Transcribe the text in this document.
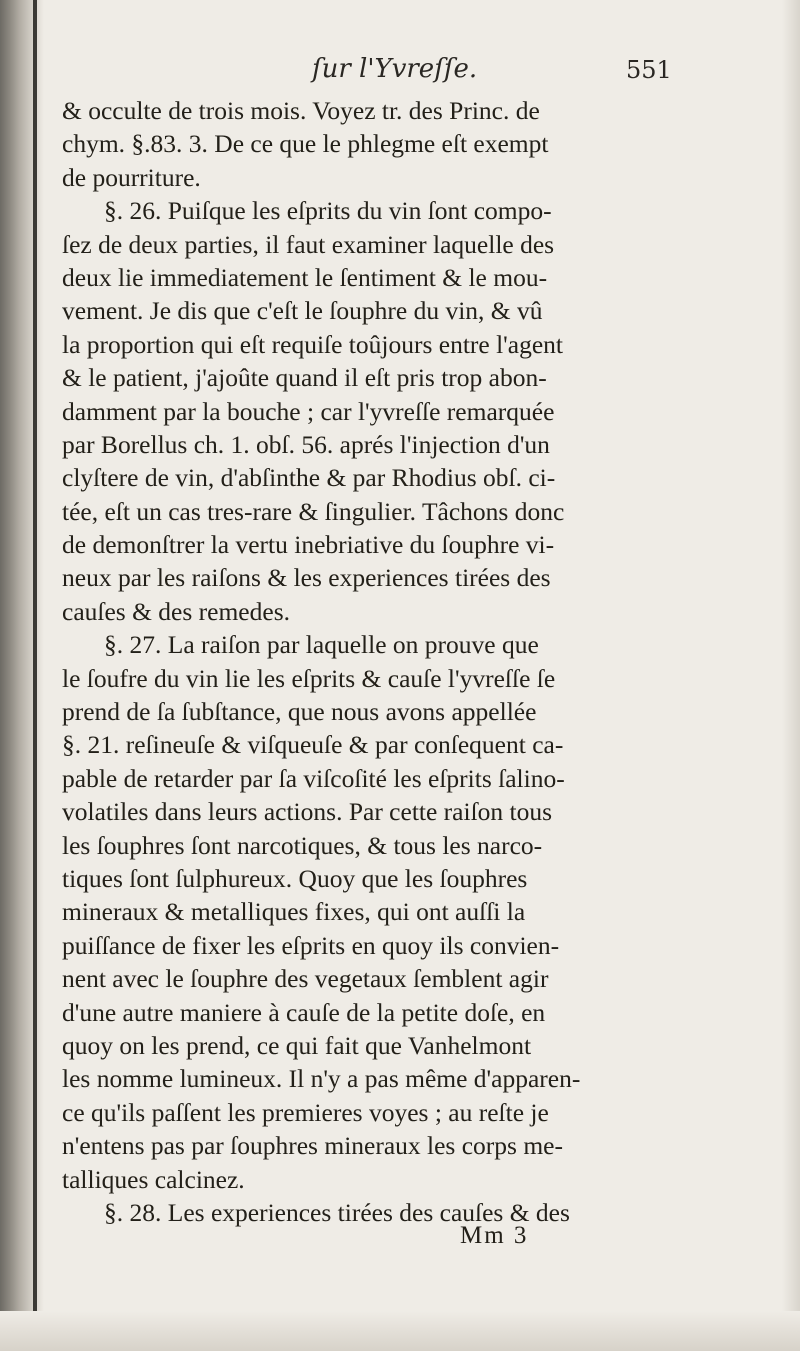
ſur l'Yvreſſe.	551
& occulte de trois mois. Voyez tr. des Princ. de
chym. §.83. 3. De ce que le phlegme eſt exempt
de pourriture.
§. 26. Puiſque les eſprits du vin ſont compo-
ſez de deux parties, il faut examiner laquelle des
deux lie immediatement le ſentiment & le mou-
vement. Je dis que c'eſt le ſouphre du vin, & vû
la proportion qui eſt requiſe toûjours entre l'agent
& le patient, j'ajoûte quand il eſt pris trop abon-
damment par la bouche ; car l'yvreſſe remarquée
par Borellus ch. 1. obſ. 56. aprés l'injection d'un
clyſtere de vin, d'abſinthe & par Rhodius obſ. ci-
tée, eſt un cas tres-rare & ſingulier. Tâchons donc
de demonſtrer la vertu inebriative du ſouphre vi-
neux par les raiſons & les experiences tirées des
cauſes & des remedes.
§. 27. La raiſon par laquelle on prouve que
le ſoufre du vin lie les eſprits & cauſe l'yvreſſe ſe
prend de ſa ſubſtance, que nous avons appellée
§. 21. reſineuſe & viſqueuſe & par conſequent ca-
pable de retarder par ſa viſcoſité les eſprits ſalino-
volatiles dans leurs actions. Par cette raiſon tous
les ſouphres ſont narcotiques, & tous les narco-
tiques ſont ſulphureux. Quoy que les ſouphres
mineraux & metalliques fixes, qui ont auſſi la
puiſſance de fixer les eſprits en quoy ils convien-
nent avec le ſouphre des vegetaux ſemblent agir
d'une autre maniere à cauſe de la petite doſe, en
quoy on les prend, ce qui fait que Vanhelmont
les nomme lumineux. Il n'y a pas même d'apparen-
ce qu'ils paſſent les premieres voyes ; au reſte je
n'entens pas par ſouphres mineraux les corps me-
talliques calcinez.
§. 28. Les experiences tirées des cauſes & des
Mm 3
